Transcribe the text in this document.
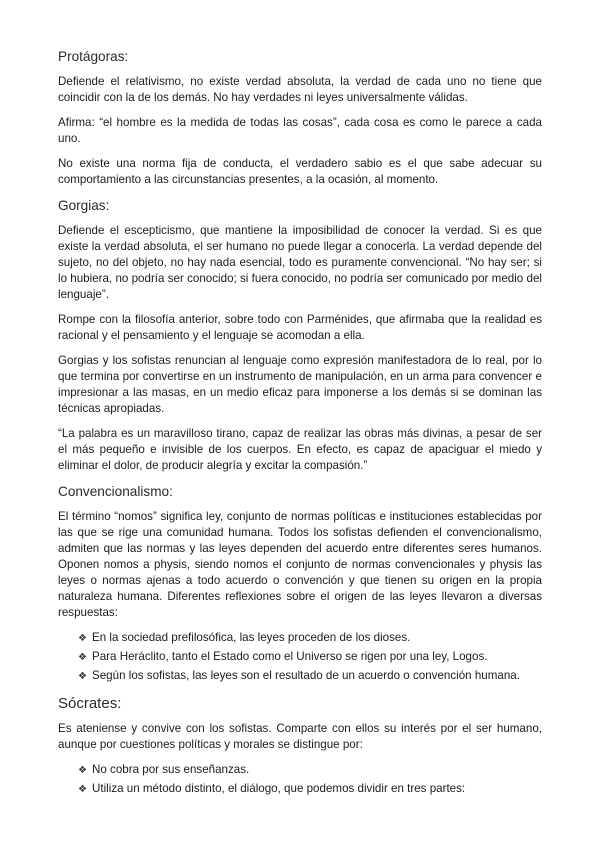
Protágoras:

Defiende el relativismo, no existe verdad absoluta, la verdad de cada uno no tiene que coincidir con la de los demás. No hay verdades ni leyes universalmente válidas.

Afirma: “el hombre es la medida de todas las cosas”, cada cosa es como le parece a cada uno.

No existe una norma fija de conducta, el verdadero sabio es el que sabe adecuar su comportamiento a las circunstancias presentes, a la ocasión, al momento.

Gorgias:

Defiende el escepticismo, que mantiene la imposibilidad de conocer la verdad. Si es que existe la verdad absoluta, el ser humano no puede llegar a conocerla. La verdad depende del sujeto, no del objeto, no hay nada esencial, todo es puramente convencional. “No hay ser; si lo hubiera, no podría ser conocido; si fuera conocido, no podría ser comunicado por medio del lenguaje”.

Rompe con la filosofía anterior, sobre todo con Parménides, que afirmaba que la realidad es racional y el pensamiento y el lenguaje se acomodan a ella.

Gorgias y los sofistas renuncian al lenguaje como expresión manifestadora de lo real, por lo que termina por convertirse en un instrumento de manipulación, en un arma para convencer e impresionar a las masas, en un medio eficaz para imponerse a los demás si se dominan las técnicas apropiadas.

“La palabra es un maravilloso tirano, capaz de realizar las obras más divinas, a pesar de ser el más pequeño e invisible de los cuerpos. En efecto, es capaz de apaciguar el miedo y eliminar el dolor, de producir alegría y excitar la compasión.”

Convencionalismo:

El término “nomos” significa ley, conjunto de normas políticas e instituciones establecidas por las que se rige una comunidad humana. Todos los sofistas defienden el convencionalismo, admiten que las normas y las leyes dependen del acuerdo entre diferentes seres humanos. Oponen nomos a physis, siendo nomos el conjunto de normas convencionales y physis las leyes o normas ajenas a todo acuerdo o convención y que tienen su origen en la propia naturaleza humana. Diferentes reflexiones sobre el origen de las leyes llevaron a diversas respuestas:

❖ En la sociedad prefilosófica, las leyes proceden de los dioses.
❖ Para Heráclito, tanto el Estado como el Universo se rigen por una ley, Logos.
❖ Según los sofistas, las leyes son el resultado de un acuerdo o convención humana.
Sócrates:

Es ateniense y convive con los sofistas. Comparte con ellos su interés por el ser humano, aunque por cuestiones políticas y morales se distingue por:

❖ No cobra por sus enseñanzas.
❖ Utiliza un método distinto, el diálogo, que podemos dividir en tres partes:
